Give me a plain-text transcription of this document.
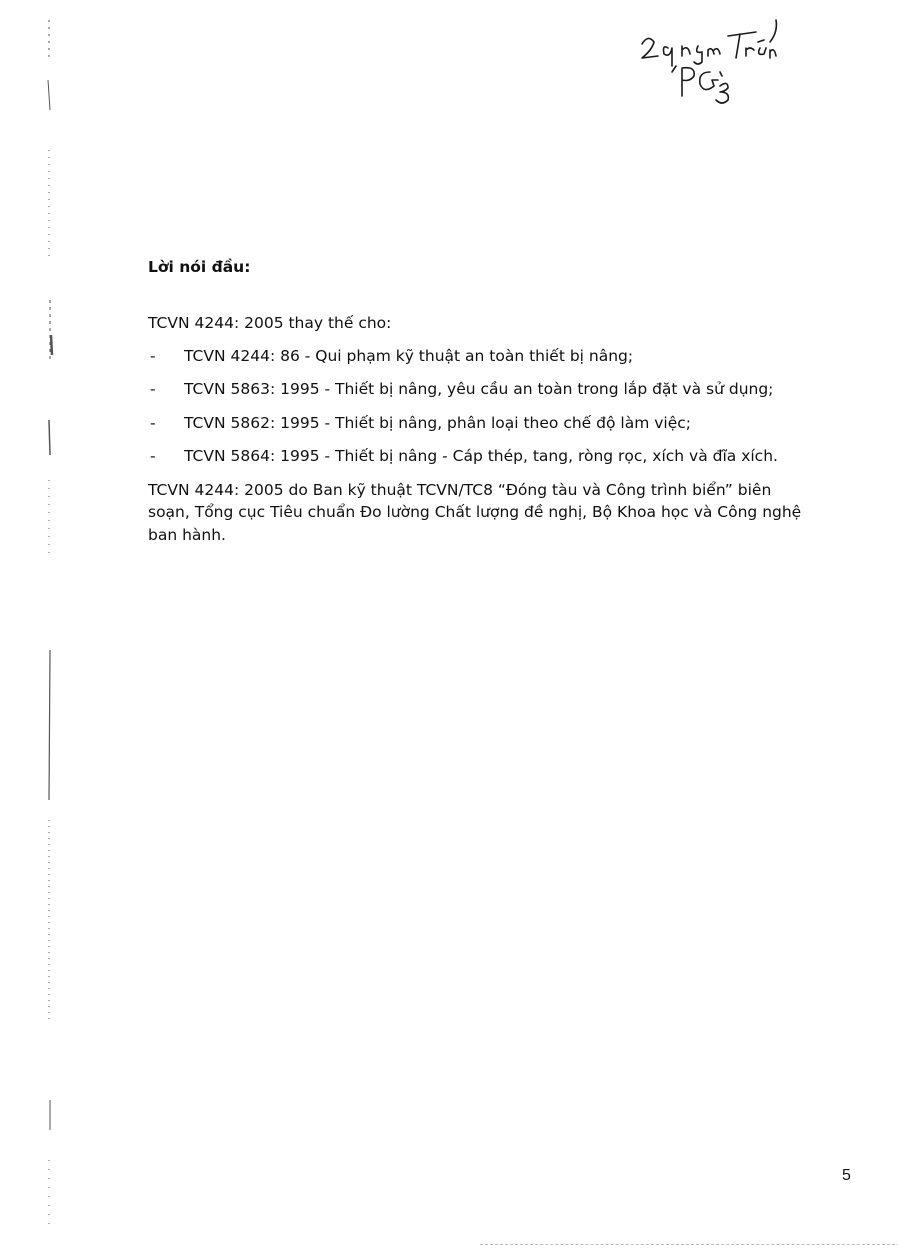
Lời nói đầu:

TCVN 4244: 2005 thay thế cho:

- TCVN 4244: 86 - Qui phạm kỹ thuật an toàn thiết bị nâng;
- TCVN 5863: 1995 - Thiết bị nâng, yêu cầu an toàn trong lắp đặt và sử dụng;
- TCVN 5862: 1995 - Thiết bị nâng, phân loại theo chế độ làm việc;
- TCVN 5864: 1995 - Thiết bị nâng - Cáp thép, tang, ròng rọc, xích và đĩa xích.

TCVN 4244: 2005 do Ban kỹ thuật TCVN/TC8 “Đóng tàu và Công trình biển” biên soạn, Tổng cục Tiêu chuẩn Đo lường Chất lượng đề nghị, Bộ Khoa học và Công nghệ ban hành.

5
